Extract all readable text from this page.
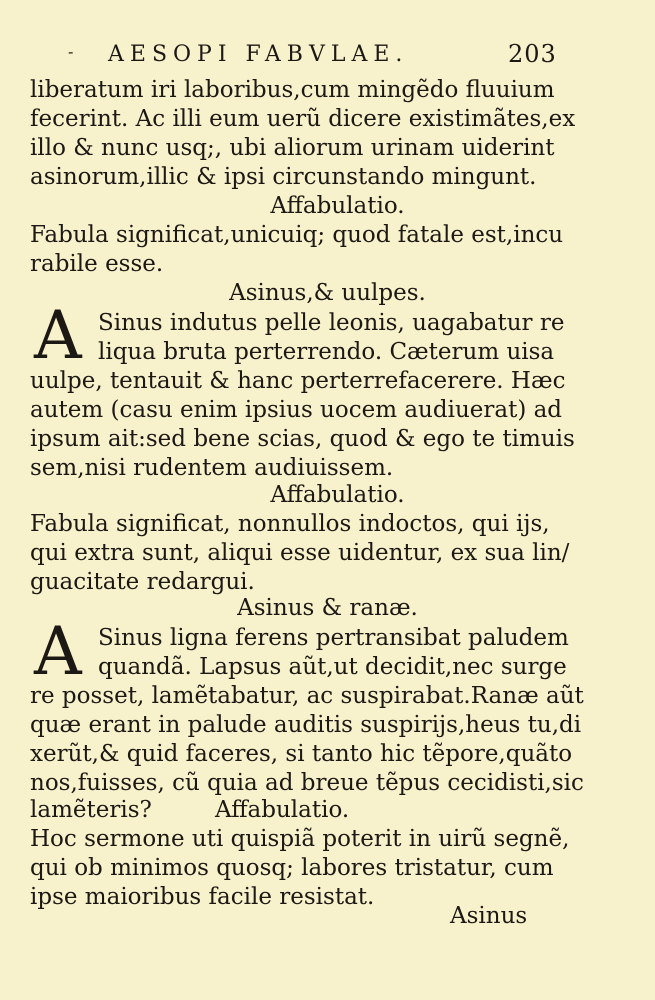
- AESOPI FABVLAE.	203
liberatum iri laboribus,cum mingẽdo fluuium
fecerint. Ac illi eum uerũ dicere existimãtes,ex
illo & nunc usq;, ubi aliorum urinam uiderint
asinorum,illic & ipsi circunstando mingunt.
Affabulatio.
Fabula significat,unicuiq; quod fatale est,incu
rabile esse.
Asinus,& uulpes.
A Sinus indutus pelle leonis, uagabatur re
liqua bruta perterrendo. Cæterum uisa
uulpe, tentauit & hanc perterrefacerere. Hæc
autem (casu enim ipsius uocem audiuerat) ad
ipsum ait:sed bene scias, quod & ego te timuis
sem,nisi rudentem audiuissem.
Affabulatio.
Fabula significat, nonnullos indoctos, qui ijs,
qui extra sunt, aliqui esse uidentur, ex sua lin/
guacitate redargui.
Asinus & ranæ.
A Sinus ligna ferens pertransibat paludem
quandã. Lapsus aũt,ut decidit,nec surge
re posset, lamẽtabatur, ac suspirabat.Ranæ aũt
quæ erant in palude auditis suspirijs,heus tu,di
xerũt,& quid faceres, si tanto hic tẽpore,quãto
nos,fuisses, cũ quia ad breue tẽpus cecidisti,sic
lamẽteris?	Affabulatio.
Hoc sermone uti quispiã poterit in uirũ segnẽ,
qui ob minimos quosq; labores tristatur, cum
ipse maioribus facile resistat.
Asinus
